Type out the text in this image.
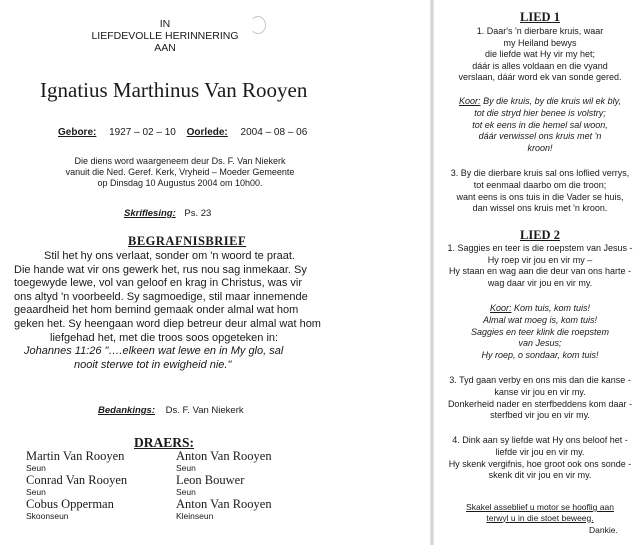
IN
LIEFDEVOLLE HERINNERING
AAN
Ignatius Marthinus Van Rooyen
Gebore: 1927 – 02 – 10 Oorlede: 2004 – 08 – 06
Die diens word waargeneem deur Ds. F. Van Niekerk
vanuit die Ned. Geref. Kerk, Vryheid – Moeder Gemeente
op Dinsdag 10 Augustus 2004 om 10h00.
Skriflesing: Ps. 23
BEGRAFNISBRIEF
Stil het hy ons verlaat, sonder om 'n woord te praat.
Die hande wat vir ons gewerk het, rus nou sag inmekaar. Sy
toegewyde lewe, vol van geloof en krag in Christus, was vir
ons altyd 'n voorbeeld. Sy sagmoedige, stil maar innemende
geaardheid het hom bemind gemaak onder almal wat hom
geken het. Sy heengaan word diep betreur deur almal wat hom
liefgehad het, met die troos soos opgeteken in:
Johannes 11:26 "….elkeen wat lewe en in My glo, sal
nooit sterwe tot in ewigheid nie."
Bedankings: Ds. F. Van Niekerk
DRAERS:
Martin Van Rooyen
Seun
Conrad Van Rooyen
Seun
Cobus Opperman
Skoonseun
Anton Van Rooyen
Seun
Leon Bouwer
Seun
Anton Van Rooyen
Kleinseun
LIED 1
1. Daar's 'n dierbare kruis, waar
my Heiland bewys
die liefde wat Hy vir my het;
dáár is alles voldaan en die vyand
verslaan, dáár word ek van sonde gered.
Koor: By die kruis, by die kruis wil ek bly,
tot die stryd hier benee is volstry;
tot ek eens in die hemel sal woon,
dáár verwissel ons kruis met 'n
kroon!
3. By die dierbare kruis sal ons loflied verrys,
tot eenmaal daarbo om die troon;
want eens is ons tuis in die Vader se huis,
dan wissel ons kruis met 'n kroon.
LIED 2
1. Saggies en teer is die roepstem van Jesus -
Hy roep vir jou en vir my –
Hy staan en wag aan die deur van ons harte -
wag daar vir jou en vir my.
Koor: Kom tuis, kom tuis!
Almal wat moeg is, kom tuis!
Saggies en teer klink die roepstem
van Jesus;
Hy roep, o sondaar, kom tuis!
3. Tyd gaan verby en ons mis dan die kanse -
kanse vir jou en vir my.
Donkerheid nader en sterfbeddens kom daar -
sterfbed vir jou en vir my.
4. Dink aan sy liefde wat Hy ons beloof het -
liefde vir jou en vir my.
Hy skenk vergifnis, hoe groot ook ons sonde -
skenk dit vir jou en vir my.
Skakel asseblief u motor se hooflig aan
terwyl u in die stoet beweeg.
Dankie.
